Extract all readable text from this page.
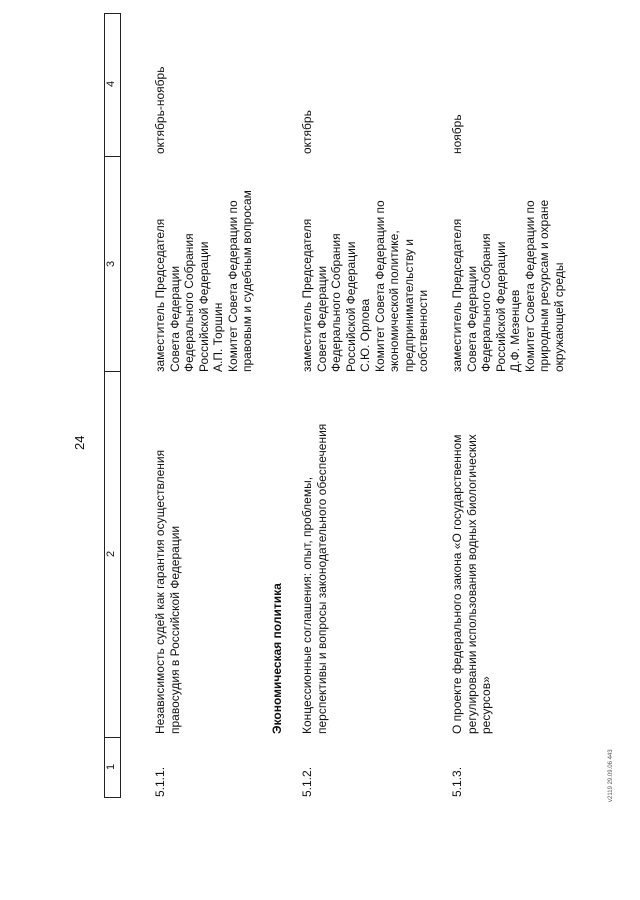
24
1
2
3
4
5.1.1.
Независимость судей как гарантия осуществления
правосудия в Российской Федерации
заместитель Председателя
Совета Федерации
Федерального Собрания
Российской Федерации
А.П. Торшин
Комитет Совета Федерации по
правовым и судебным вопросам
октябрь-ноябрь
Экономическая политика
5.1.2.
Концессионные соглашения: опыт, проблемы,
перспективы и вопросы законодательного обеспечения
заместитель Председателя
Совета Федерации
Федерального Собрания
Российской Федерации
С.Ю. Орлова
Комитет Совета Федерации по
экономической политике,
предпринимательству и
собственности
октябрь
5.1.3.
О проекте федерального закона «О государственном
регулировании использования водных биологических
ресурсов»
заместитель Председателя
Совета Федерации
Федерального Собрания
Российской Федерации
Д.Ф. Мезенцев
Комитет Совета Федерации по
природным ресурсам и охране
окружающей среды
ноябрь
v2119 29.09.06 443
